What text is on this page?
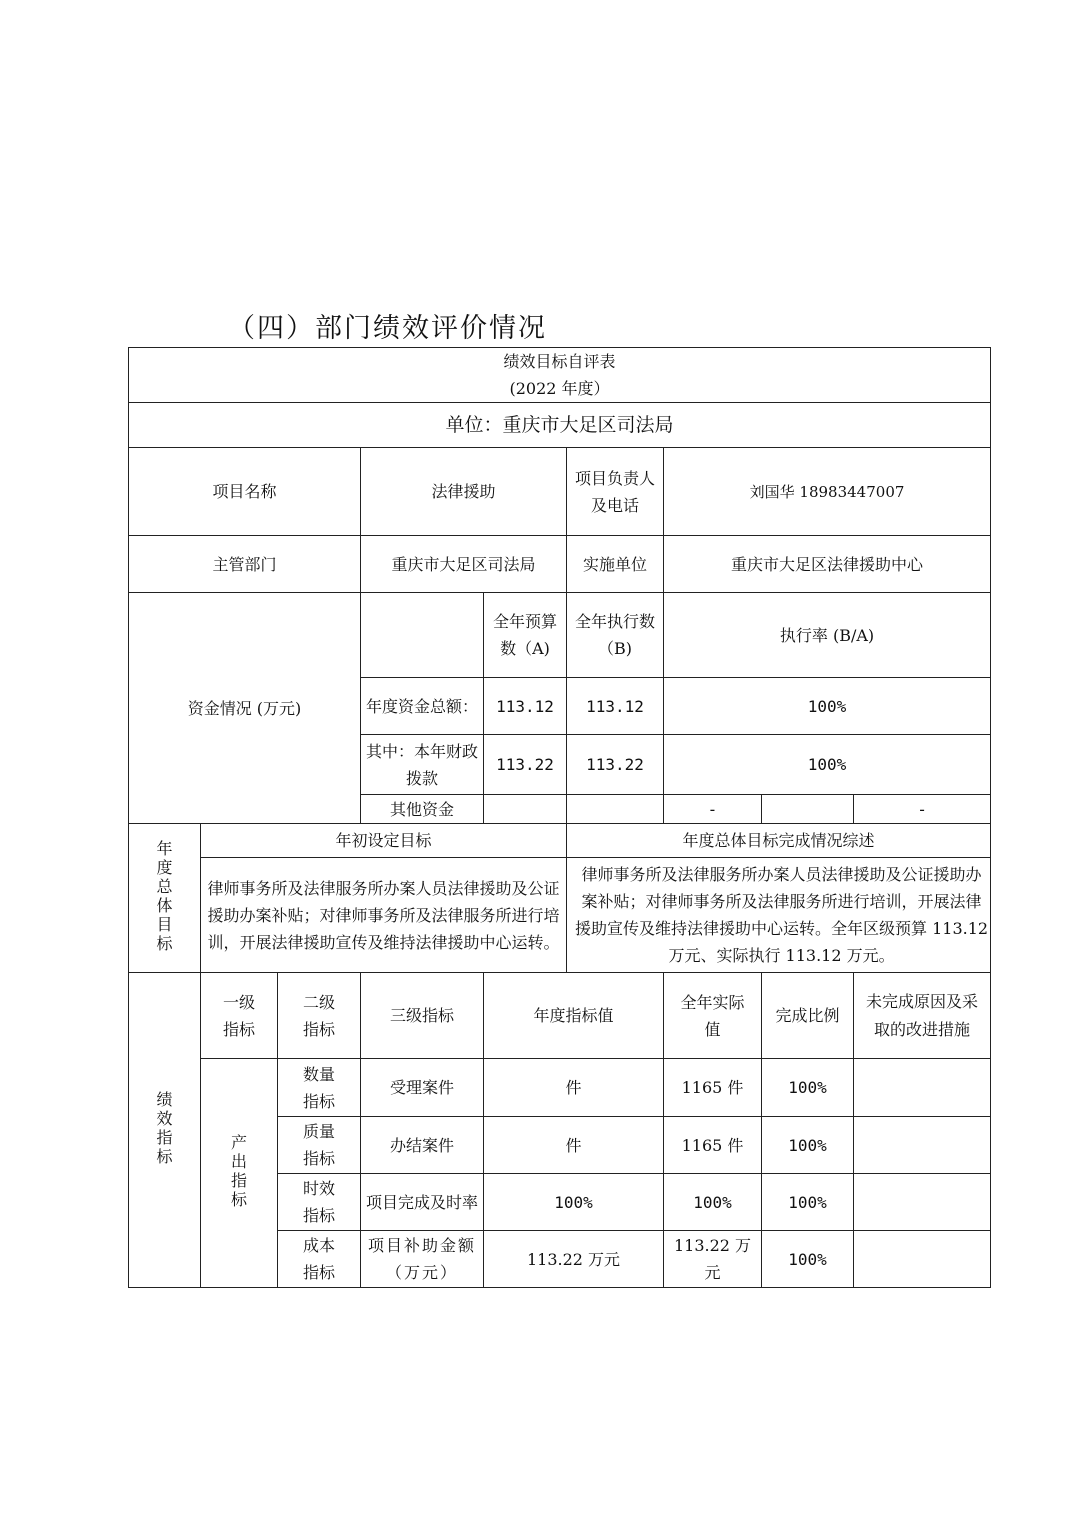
（四）部门绩效评价情况
绩效目标自评表
(2022 年度）								

单位：重庆市大足区司法局								
项目名称			法律援助		项目负责人及电话	刘国华 18983447007		
主管部门			重庆市大足区司法局		实施单位	重庆市大足区法律援助中心		
资金情况 (万元)				全年预算数（A)	全年执行数（B)	执行率 (B/A)		
			年度资金总额：	113.12	113.12	100%		
			其中：本年财政拨款	113.22	113.22	100%		
			其他资金			-		-
年度总体目标	年初设定目标				年度总体目标完成情况综述			
	律师事务所及法律服务所办案人员法律援助及公证援助办案补贴；对律师事务所及法律服务所进行培训，开展法律援助宣传及维持法律援助中心运转。				律师事务所及法律服务所办案人员法律援助及公证援助办案补贴；对律师事务所及法律服务所进行培训，开展法律援助宣传及维持法律援助中心运转。全年区级预算 113.12 万元、实际执行 113.12 万元。			
绩效指标	一级指标	二级指标	三级指标	年度指标值		全年实际值	完成比例	未完成原因及采取的改进措施
	产出指标	数量指标	受理案件	件		1165 件	100%	
		质量指标	办结案件	件		1165 件	100%	
		时效指标	项目完成及时率	100%		100%	100%	
		成本指标	项目补助金额（万元）	113.22 万元		113.22 万元	100%	
